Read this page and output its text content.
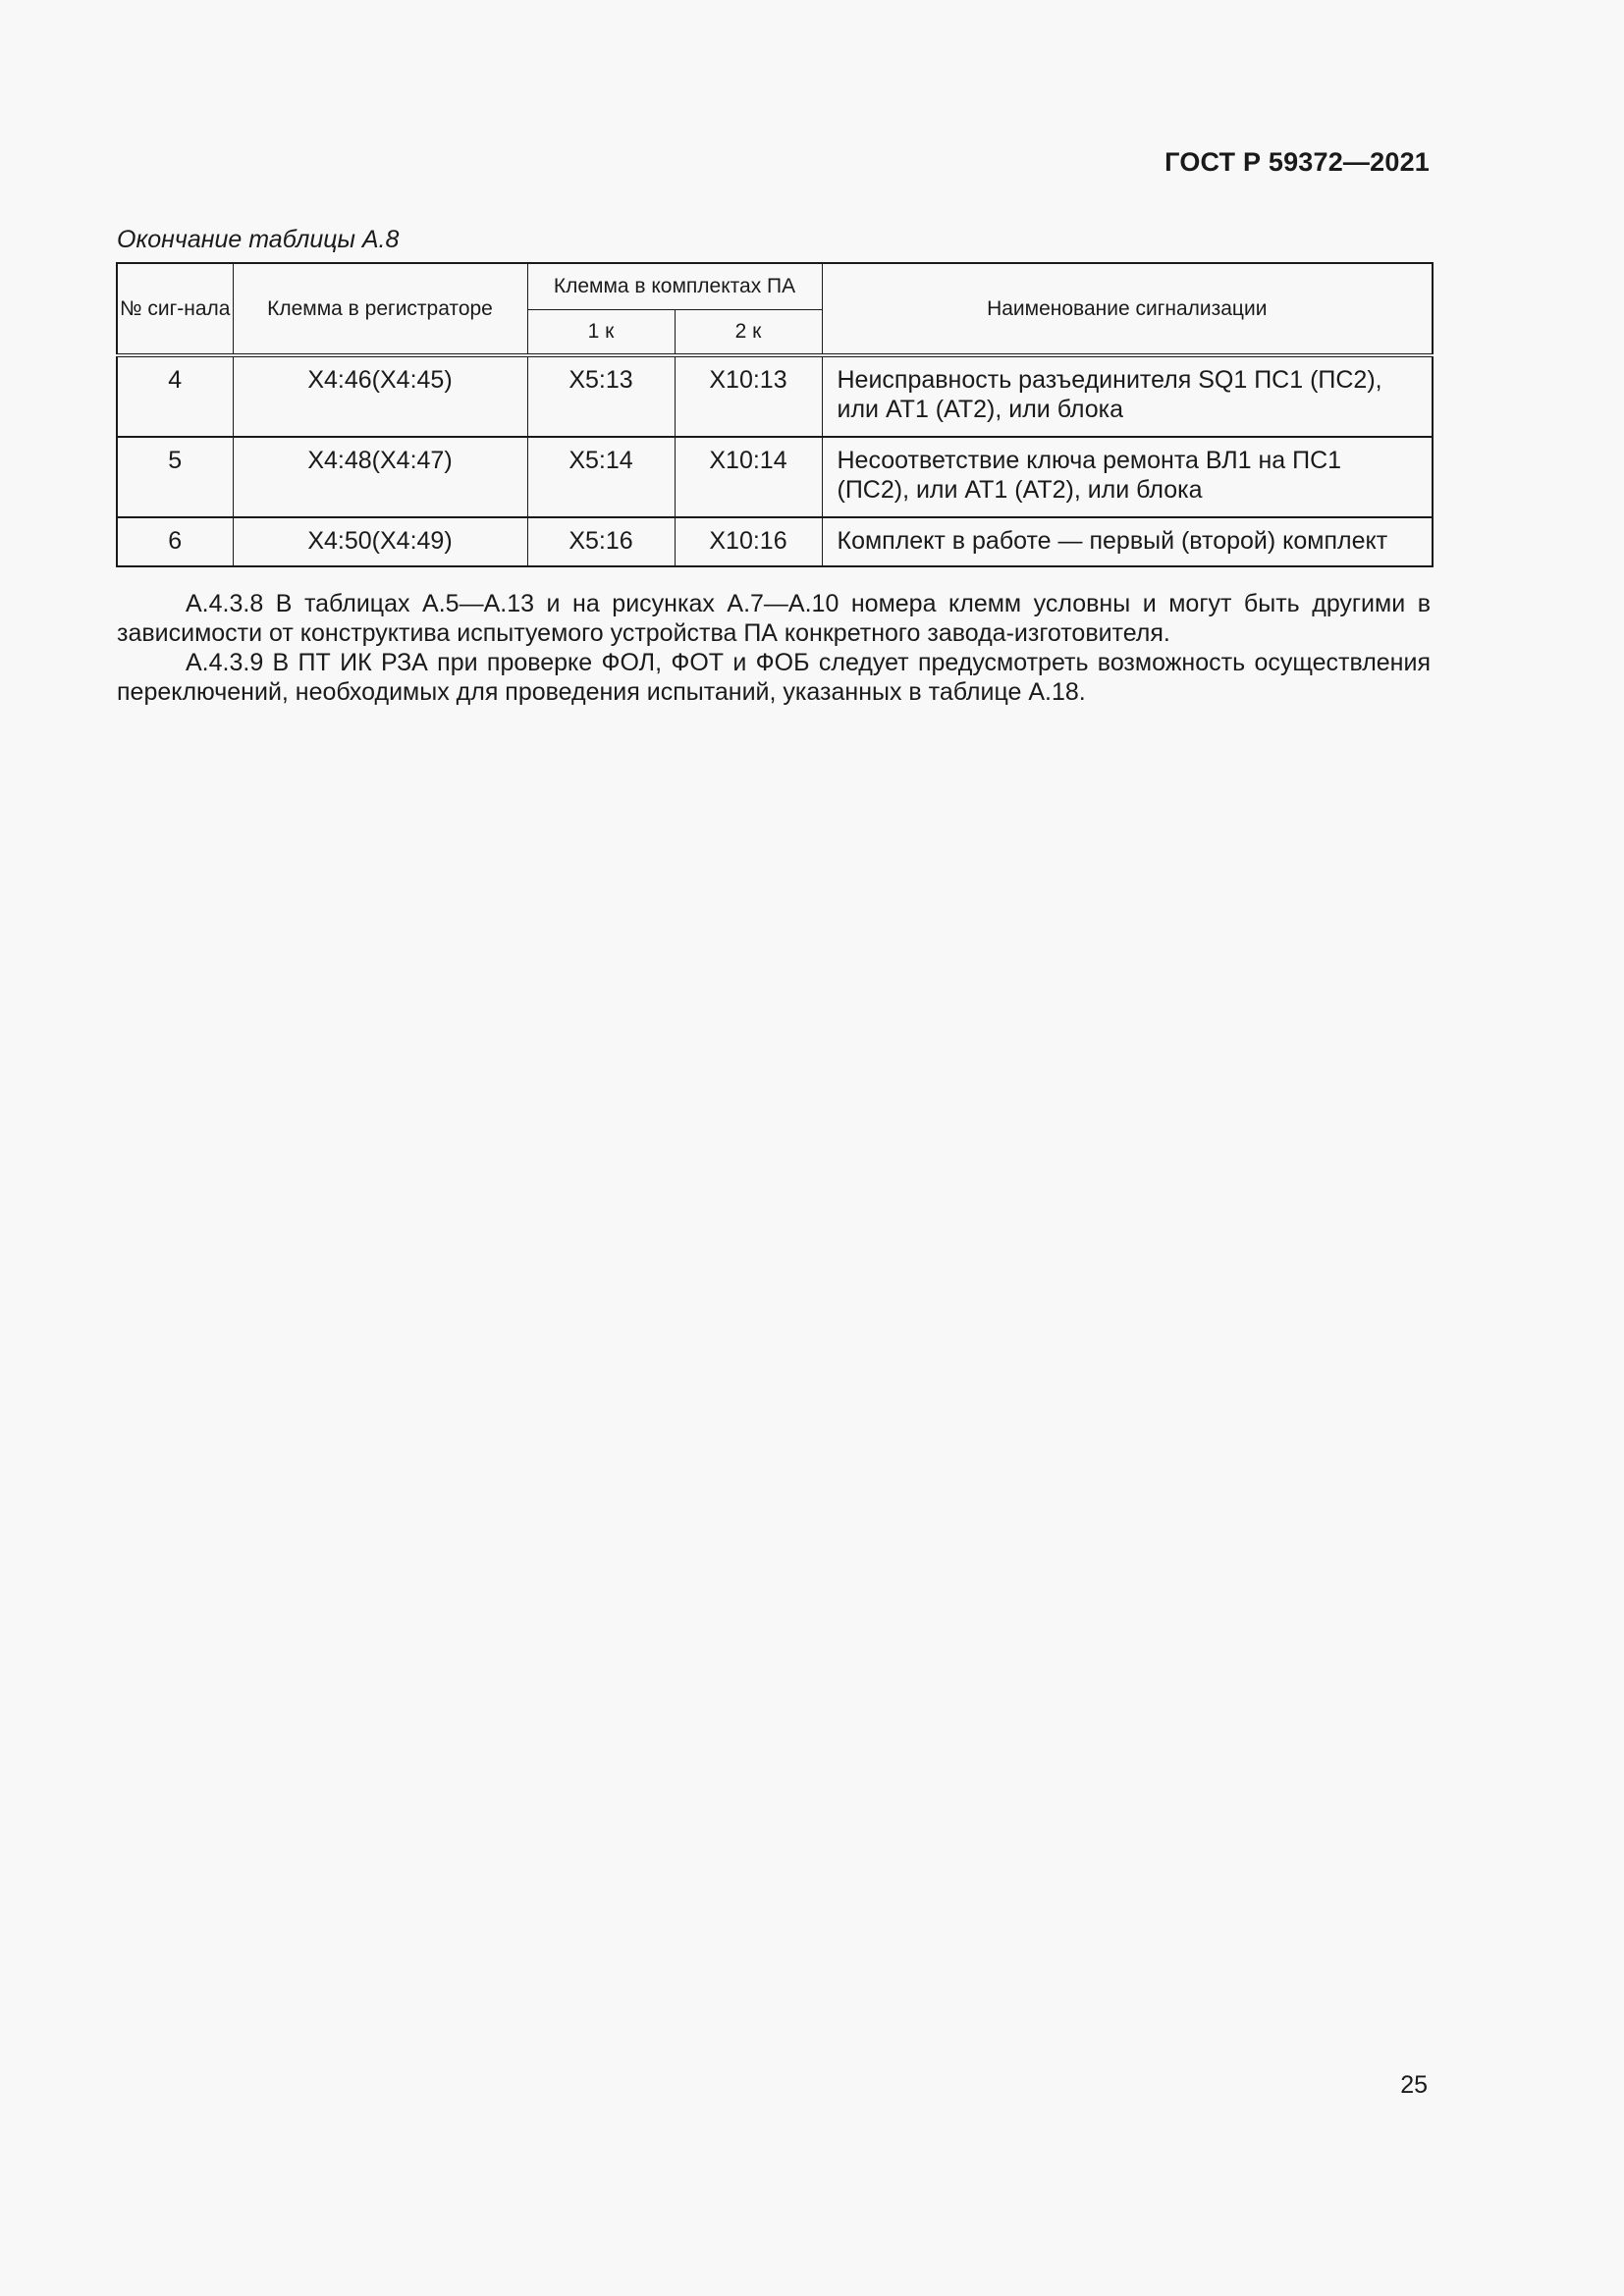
ГОСТ Р 59372—2021
Окончание таблицы А.8
№ сиг-нала	Клемма в регистраторе	Клемма в комплектах ПА		Наименование сигнализации
		1 к	2 к	
4	Х4:46(Х4:45)	Х5:13	Х10:13	Неисправность разъединителя SQ1 ПС1 (ПС2), или АТ1 (АТ2), или блока
5	Х4:48(Х4:47)	Х5:14	Х10:14	Несоответствие ключа ремонта ВЛ1 на ПС1 (ПС2), или АТ1 (АТ2), или блока
6	Х4:50(Х4:49)	Х5:16	Х10:16	Комплект в работе — первый (второй) комплект

А.4.3.8 В таблицах А.5—А.13 и на рисунках А.7—А.10 номера клемм условны и могут быть другими в зависимости от конструктива испытуемого устройства ПА конкретного завода-изготовителя.

А.4.3.9 В ПТ ИК РЗА при проверке ФОЛ, ФОТ и ФОБ следует предусмотреть возможность осуществления переключений, необходимых для проведения испытаний, указанных в таблице А.18.

25
